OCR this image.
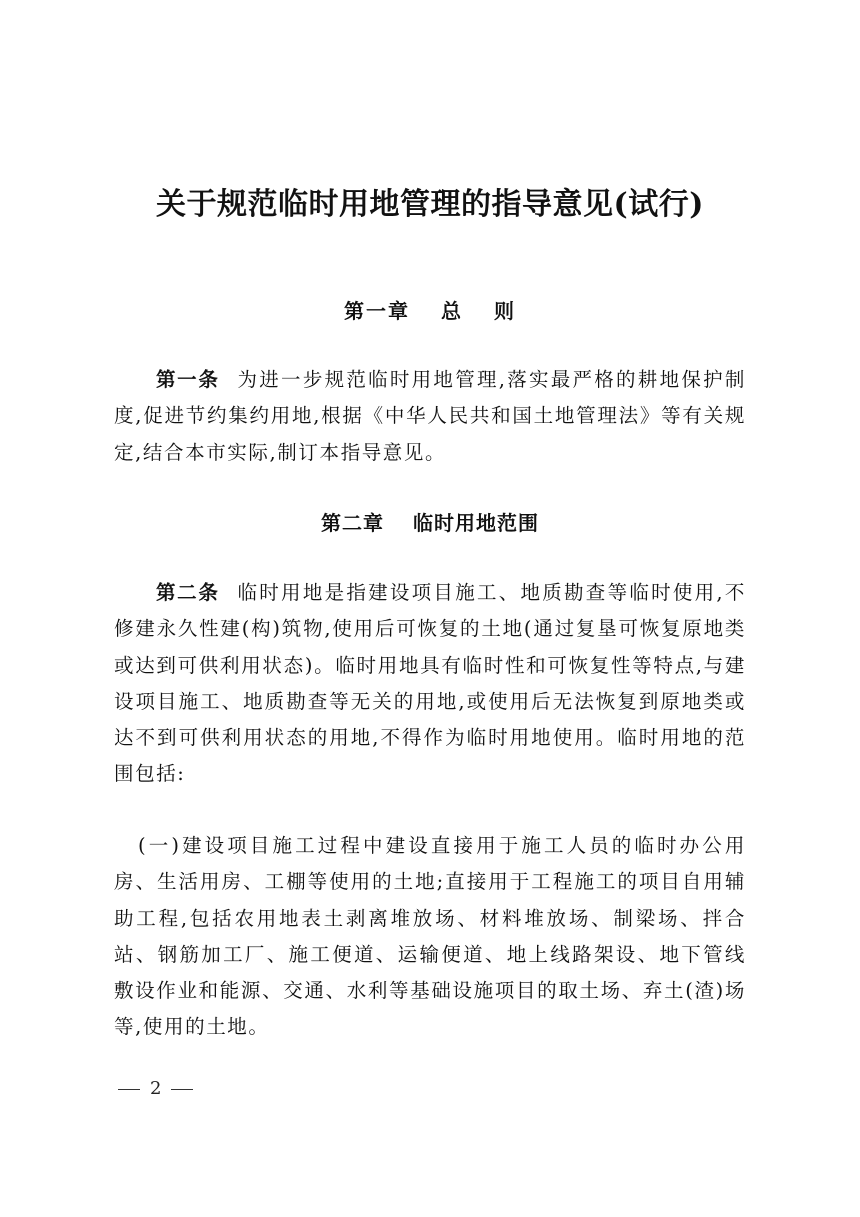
关于规范临时用地管理的指导意见(试行)
第一章　 总　 则

第一条 为进一步规范临时用地管理,落实最严格的耕地保护制度,促进节约集约用地,根据《中华人民共和国土地管理法》等有关规定,结合本市实际,制订本指导意见。

第二章　 临时用地范围

第二条 临时用地是指建设项目施工、地质勘查等临时使用,不修建永久性建(构)筑物,使用后可恢复的土地(通过复垦可恢复原地类或达到可供利用状态)。临时用地具有临时性和可恢复性等特点,与建设项目施工、地质勘查等无关的用地,或使用后无法恢复到原地类或达不到可供利用状态的用地,不得作为临时用地使用。临时用地的范围包括:

(一)建设项目施工过程中建设直接用于施工人员的临时办公用房、生活用房、工棚等使用的土地;直接用于工程施工的项目自用辅助工程,包括农用地表土剥离堆放场、材料堆放场、制梁场、拌合站、钢筋加工厂、施工便道、运输便道、地上线路架设、地下管线敷设作业和能源、交通、水利等基础设施项目的取土场、弃土(渣)场等,使用的土地。

2
